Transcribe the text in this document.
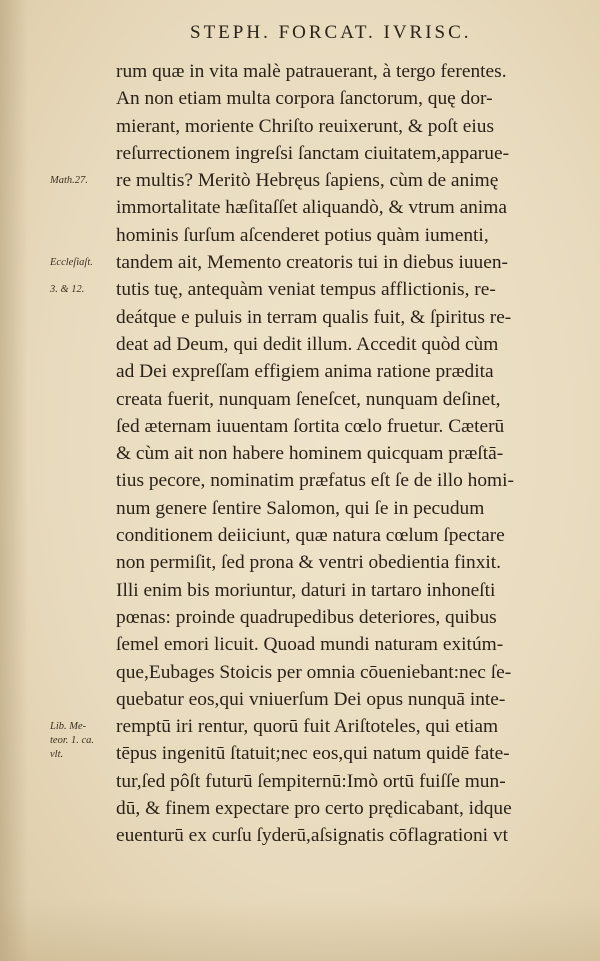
STEPH. FORCAT. IVRISC.
rum quæ in vita malè patrauerant, à tergo ferentes.
An non etiam multa corpora ſanctorum, quę dor-
mierant, moriente Chriſto reuixerunt, & poſt eius
reſurrectionem ingreſsi ſanctam ciuitatem,apparue-
re multis? Meritò Hebręus ſapiens, cùm de animę
immortalitate hæſitaſſet aliquandò, & vtrum anima
hominis ſurſum aſcenderet potius quàm iumenti,
tandem ait, Memento creatoris tui in diebus iuuen-
tutis tuę, antequàm veniat tempus afflictionis, re-
deátque e puluis in terram qualis fuit, & ſpiritus re-
deat ad Deum, qui dedit illum. Accedit quòd cùm
ad Dei expreſſam effigiem anima ratione prædita
creata fuerit, nunquam ſeneſcet, nunquam deſinet,
ſed æternam iuuentam ſortita cœlo fruetur. Cæterū
& cùm ait non habere hominem quicquam præſtā-
tius pecore, nominatim præfatus eſt ſe de illo homi-
num genere ſentire Salomon, qui ſe in pecudum
conditionem deiiciunt, quæ natura cœlum ſpectare
non permiſit, ſed prona & ventri obedientia finxit.
Illi enim bis moriuntur, daturi in tartaro inhoneſti
pœnas: proinde quadrupedibus deteriores, quibus
ſemel emori licuit. Quoad mundi naturam exitúm-
que,Eubages Stoicis per omnia cōueniebant:nec ſe-
quebatur eos,qui vniuerſum Dei opus nunquā inte-
remptū iri rentur, quorū fuit Ariſtoteles, qui etiam
tēpus ingenitū ſtatuit;nec eos,qui natum quidē fate-
tur,ſed pôſt futurū ſempiternū:Imò ortū fuiſſe mun-
dū, & finem expectare pro certo prędicabant, idque
euenturū ex curſu ſyderū,aſsignatis cōflagrationi vt
Math.27.
Eccleſiaſt.
3. & 12.
Lib. Me-
teor. 1. ca.
vlt.
